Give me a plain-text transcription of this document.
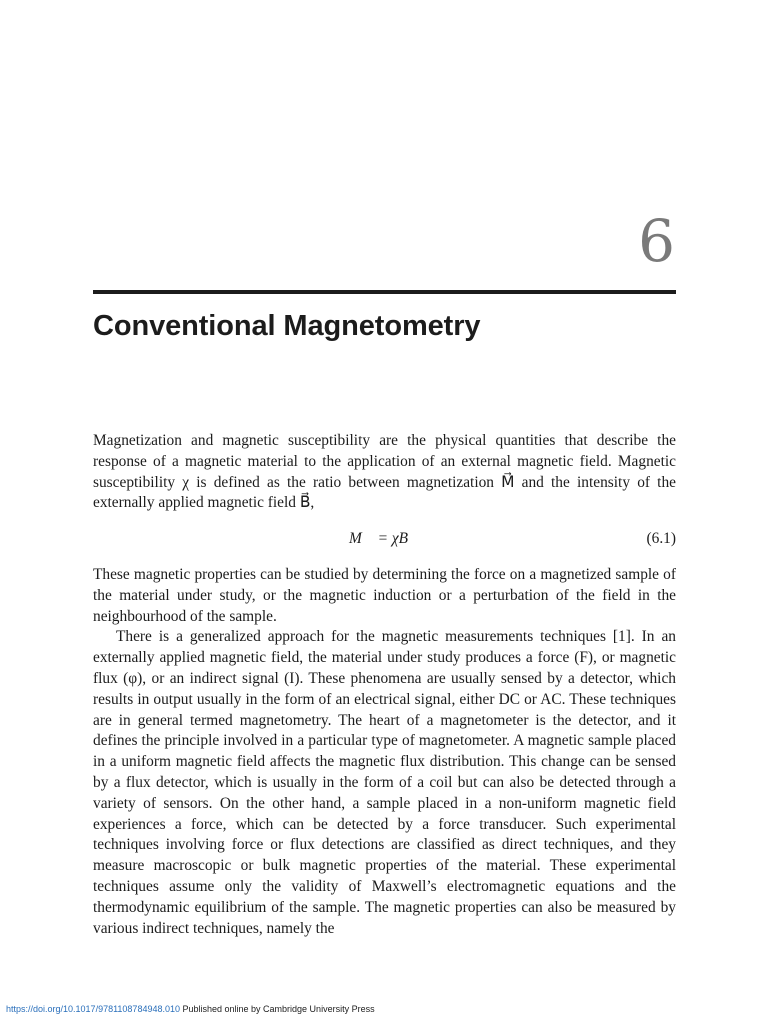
6
Conventional Magnetometry

Magnetization and magnetic susceptibility are the physical quantities that describe the response of a magnetic material to the application of an external magnetic field. Magnetic susceptibility χ is defined as the ratio between magnetization M⃗ and the intensity of the externally applied magnetic field B⃗,

M⃗ = χB⃗	(6.1)

These magnetic properties can be studied by determining the force on a magnetized sample of the material under study, or the magnetic induction or a perturbation of the field in the neighbourhood of the sample.

There is a generalized approach for the magnetic measurements techniques [1]. In an externally applied magnetic field, the material under study produces a force (F), or magnetic flux (φ), or an indirect signal (I). These phenomena are usually sensed by a detector, which results in output usually in the form of an electrical signal, either DC or AC. These techniques are in general termed magnetometry. The heart of a magnetometer is the detector, and it defines the principle involved in a particular type of magnetometer. A magnetic sample placed in a uniform magnetic field affects the magnetic flux distribution. This change can be sensed by a flux detector, which is usually in the form of a coil but can also be detected through a variety of sensors. On the other hand, a sample placed in a non-uniform magnetic field experiences a force, which can be detected by a force transducer. Such experimental techniques involving force or flux detections are classified as direct techniques, and they measure macroscopic or bulk magnetic properties of the material. These experimental techniques assume only the validity of Maxwell’s electromagnetic equations and the thermodynamic equilibrium of the sample. The magnetic properties can also be measured by various indirect techniques, namely the

https://doi.org/10.1017/9781108784948.010 Published online by Cambridge University Press
